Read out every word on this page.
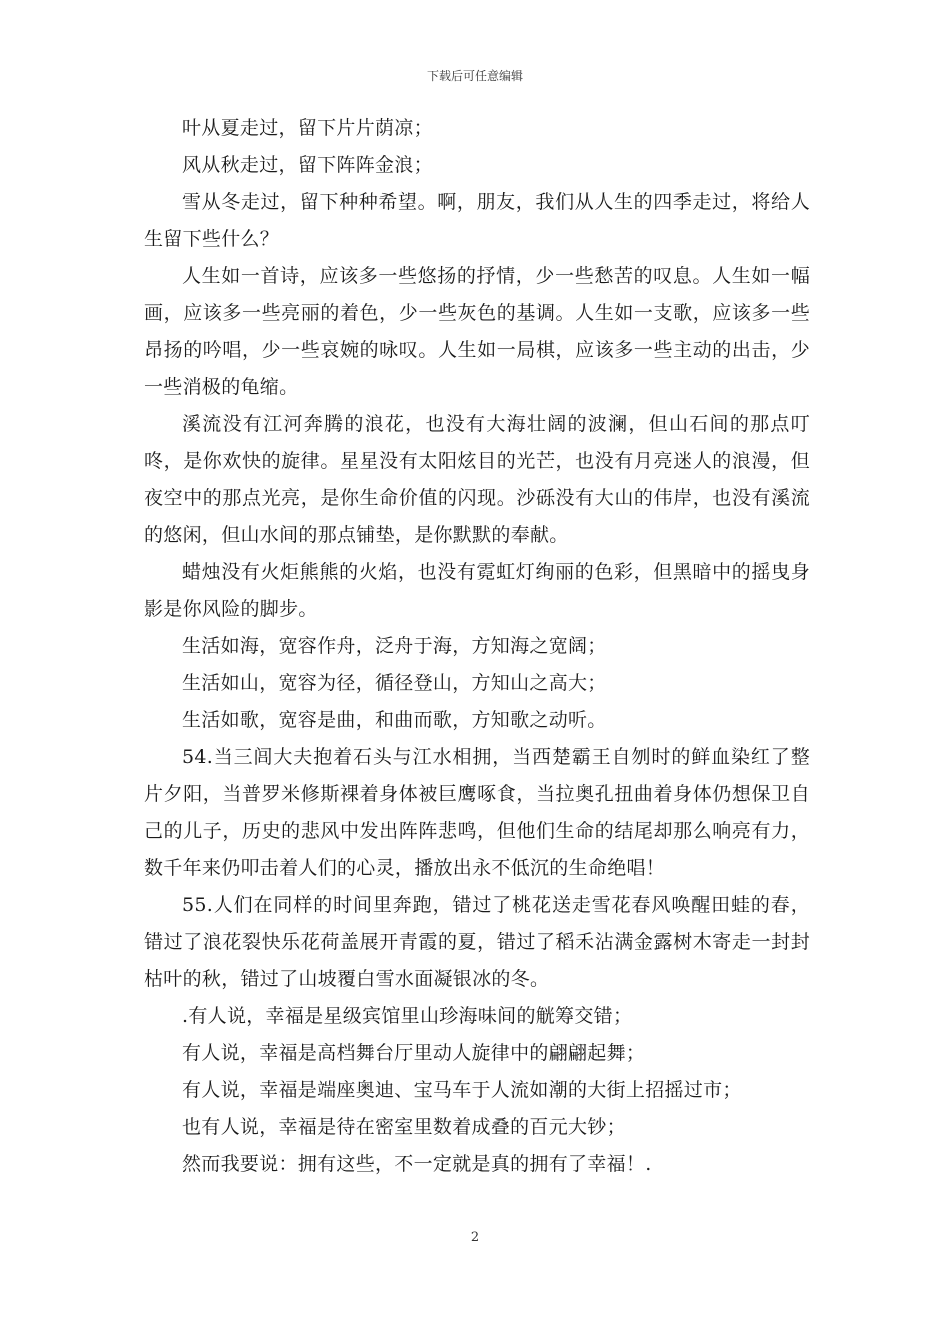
下载后可任意编辑

叶从夏走过，留下片片荫凉；

风从秋走过，留下阵阵金浪；

雪从冬走过，留下种种希望。啊，朋友，我们从人生的四季走过，将给人生留下些什么？

人生如一首诗，应该多一些悠扬的抒情，少一些愁苦的叹息。人生如一幅画，应该多一些亮丽的着色，少一些灰色的基调。人生如一支歌，应该多一些昂扬的吟唱，少一些哀婉的咏叹。人生如一局棋，应该多一些主动的出击，少一些消极的龟缩。

溪流没有江河奔腾的浪花，也没有大海壮阔的波澜，但山石间的那点叮咚，是你欢快的旋律。星星没有太阳炫目的光芒，也没有月亮迷人的浪漫，但夜空中的那点光亮，是你生命价值的闪现。沙砾没有大山的伟岸，也没有溪流的悠闲，但山水间的那点铺垫，是你默默的奉献。

蜡烛没有火炬熊熊的火焰，也没有霓虹灯绚丽的色彩，但黑暗中的摇曳身影是你风险的脚步。

生活如海，宽容作舟，泛舟于海，方知海之宽阔；

生活如山，宽容为径，循径登山，方知山之高大；

生活如歌，宽容是曲，和曲而歌，方知歌之动听。

54.当三闾大夫抱着石头与江水相拥，当西楚霸王自刎时的鲜血染红了整片夕阳，当普罗米修斯裸着身体被巨鹰啄食，当拉奥孔扭曲着身体仍想保卫自己的儿子，历史的悲风中发出阵阵悲鸣，但他们生命的结尾却那么响亮有力，数千年来仍叩击着人们的心灵，播放出永不低沉的生命绝唱！

55.人们在同样的时间里奔跑，错过了桃花送走雪花春风唤醒田蛙的春，错过了浪花裂快乐花荷盖展开青霞的夏，错过了稻禾沾满金露树木寄走一封封枯叶的秋，错过了山坡覆白雪水面凝银冰的冬。

.有人说，幸福是星级宾馆里山珍海味间的觥筹交错；

有人说，幸福是高档舞台厅里动人旋律中的翩翩起舞；

有人说，幸福是端座奥迪、宝马车于人流如潮的大街上招摇过市；

也有人说，幸福是待在密室里数着成叠的百元大钞；

然而我要说：拥有这些，不一定就是真的拥有了幸福！.

2
